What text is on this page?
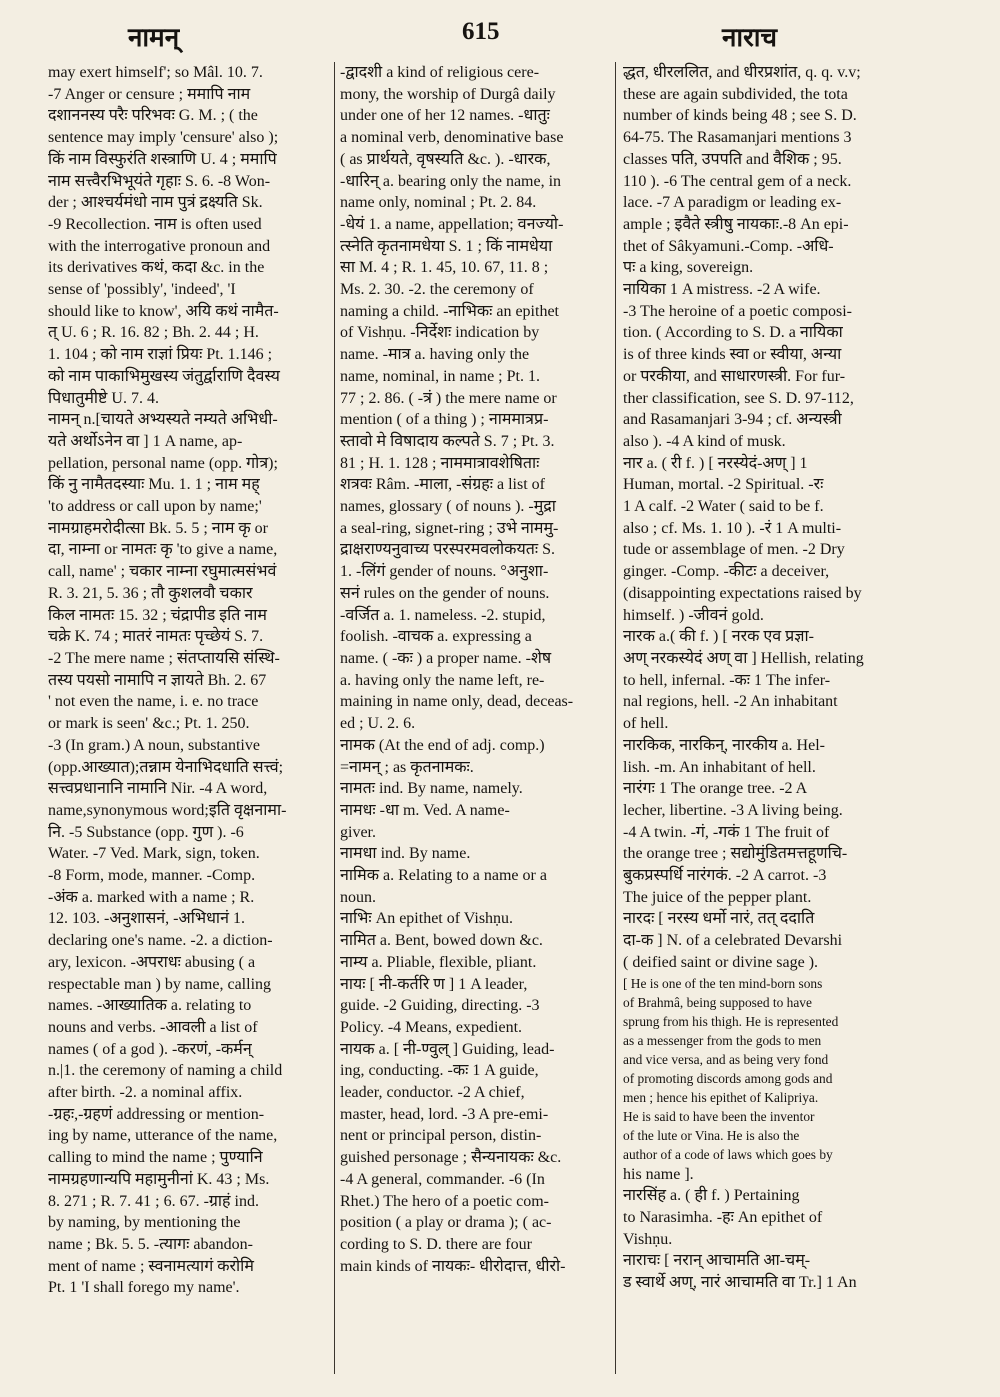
नामन्	615	नाराच
may exert himself'; so Mâl. 10. 7.
-7 Anger or censure ; ममापि नाम
दशाननस्य परैः परिभवः G. M. ; ( the
sentence may imply 'censure' also );
किं नाम विस्फुरंति शस्त्राणि U. 4 ; ममापि
नाम सत्त्वैरभिभूयंते गृहाः S. 6. -8 Won-
der ; आश्चर्यमंधो नाम पुत्रं द्रक्ष्यति Sk.
-9 Recollection. नाम is often used
with the interrogative pronoun and
its derivatives कथं, कदा &c. in the
sense of 'possibly', 'indeed', 'I
should like to know', अयि कथं नामैत-
त् U. 6 ; R. 16. 82 ; Bh. 2. 44 ; H.
1. 104 ; को नाम राज्ञां प्रियः Pt. 1.146 ;
को नाम पाकाभिमुखस्य जंतुर्द्वाराणि दैवस्य
पिधातुमीष्टे U. 7. 4.
नामन् n.[चायते अभ्यस्यते नम्यते अभिधी-
यते अर्थोऽनेन वा ] 1 A name, ap-
pellation, personal name (opp. गोत्र);
किं नु नामैतदस्याः Mu. 1. 1 ; नाम मह्
'to address or call upon by name;'
नामग्राहमरोदीत्सा Bk. 5. 5 ; नाम कृ or
दा, नाम्ना or नामतः कृ 'to give a name,
call, name' ; चकार नाम्ना रघुमात्मसंभवं
R. 3. 21, 5. 36 ; तौ कुशलवौ चकार
किल नामतः 15. 32 ; चंद्रापीड इति नाम
चक्रे K. 74 ; मातरं नामतः पृच्छेयं S. 7.
-2 The mere name ; संतप्तायसि संस्थि-
तस्य पयसो नामापि न ज्ञायते Bh. 2. 67
' not even the name, i. e. no trace
or mark is seen' &c.; Pt. 1. 250.
-3 (In gram.) A noun, substantive
(opp.आख्यात);तन्नाम येनाभिदधाति सत्त्वं;
सत्त्वप्रधानानि नामानि Nir. -4 A word,
name,synonymous word;इति वृक्षनामा-
नि. -5 Substance (opp. गुण ). -6
Water. -7 Ved. Mark, sign, token.
-8 Form, mode, manner. -Comp.
-अंक a. marked with a name ; R.
12. 103. -अनुशासनं, -अभिधानं 1.
declaring one's name. -2. a diction-
ary, lexicon. -अपराधः abusing ( a
respectable man ) by name, calling
names. -आख्यातिक a. relating to
nouns and verbs. -आवली a list of
names ( of a god ). -करणं, -कर्मन्
n.|1. the ceremony of naming a child
after birth. -2. a nominal affix.
-ग्रहः,-ग्रहणं addressing or mention-
ing by name, utterance of the name,
calling to mind the name ; पुण्यानि
नामग्रहणान्यपि महामुनीनां K. 43 ; Ms.
8. 271 ; R. 7. 41 ; 6. 67. -ग्राहं ind.
by naming, by mentioning the
name ; Bk. 5. 5. -त्यागः abandon-
ment of name ; स्वनामत्यागं करोमि
Pt. 1 'I shall forego my name'.
-द्वादशी a kind of religious cere-
mony, the worship of Durgâ daily
under one of her 12 names. -धातुः
a nominal verb, denominative base
( as प्रार्थयते, वृषस्यति &c. ). -धारक,
-धारिन् a. bearing only the name, in
name only, nominal ; Pt. 2. 84.
-धेयं 1. a name, appellation; वनज्यो-
त्स्नेति कृतनामधेया S. 1 ; किं नामधेया
सा M. 4 ; R. 1. 45, 10. 67, 11. 8 ;
Ms. 2. 30. -2. the ceremony of
naming a child. -नाभिकः an epithet
of Vishṇu. -निर्देशः indication by
name. -मात्र a. having only the
name, nominal, in name ; Pt. 1.
77 ; 2. 86. ( -त्रं ) the mere name or
mention ( of a thing ) ; नाममात्रप्र-
स्तावो मे विषादाय कल्पते S. 7 ; Pt. 3.
81 ; H. 1. 128 ; नाममात्रावशेषिताः
शत्रवः Râm. -माला, -संग्रहः a list of
names, glossary ( of nouns ). -मुद्रा
a seal-ring, signet-ring ; उभे नाममु-
द्राक्षराण्यनुवाच्य परस्परमवलोकयतः S.
1. -लिंगं gender of nouns. °अनुशा-
सनं rules on the gender of nouns.
-वर्जित a. 1. nameless. -2. stupid,
foolish. -वाचक a. expressing a
name. ( -कः ) a proper name. -शेष
a. having only the name left, re-
maining in name only, dead, deceas-
ed ; U. 2. 6.
नामक (At the end of adj. comp.)
=नामन् ; as कृतनामकः.
नामतः ind. By name, namely.
नामधः -धा m. Ved. A name-
giver.
नामधा ind. By name.
नामिक a. Relating to a name or a
noun.
नाभिः An epithet of Vishṇu.
नामित a. Bent, bowed down &c.
नाम्य a. Pliable, flexible, pliant.
नायः [ नी-कर्तरि ण ] 1 A leader,
guide. -2 Guiding, directing. -3
Policy. -4 Means, expedient.
नायक a. [ नी-ण्वुल् ] Guiding, lead-
ing, conducting. -कः 1 A guide,
leader, conductor. -2 A chief,
master, head, lord. -3 A pre-emi-
nent or principal person, distin-
guished personage ; सैन्यनायकः &c.
-4 A general, commander. -6 (In
Rhet.) The hero of a poetic com-
position ( a play or drama ); ( ac-
cording to S. D. there are four
main kinds of नायकः- धीरोदात्त, धीरो-
द्धत, धीरललित, and धीरप्रशांत, q. q. v.v;
these are again subdivided, the tota
number of kinds being 48 ; see S. D.
64-75. The Rasamanjari mentions 3
classes पति, उपपति and वैशिक ; 95.
110 ). -6 The central gem of a neck.
lace. -7 A paradigm or leading ex-
ample ; इवैते स्त्रीषु नायकाः.-8 An epi-
thet of Sâkyamuni.-Comp. -अधि-
पः a king, sovereign.
नायिका 1 A mistress. -2 A wife.
-3 The heroine of a poetic composi-
tion. ( According to S. D. a नायिका
is of three kinds स्वा or स्वीया, अन्या
or परकीया, and साधारणस्त्री. For fur-
ther classification, see S. D. 97-112,
and Rasamanjari 3-94 ; cf. अन्यस्त्री
also ). -4 A kind of musk.
नार a. ( री f. ) [ नरस्येदं-अण् ] 1
Human, mortal. -2 Spiritual. -रः
1 A calf. -2 Water ( said to be f.
also ; cf. Ms. 1. 10 ). -रं 1 A multi-
tude or assemblage of men. -2 Dry
ginger. -Comp. -कीटः a deceiver,
(disappointing expectations raised by
himself. ) -जीवनं gold.
नारक a.( की f. ) [ नरक एव प्रज्ञा-
अण् नरकस्येदं अण् वा ] Hellish, relating
to hell, infernal. -कः 1 The infer-
nal regions, hell. -2 An inhabitant
of hell.
नारकिक, नारकिन्, नारकीय a. Hel-
lish. -m. An inhabitant of hell.
नारंगः 1 The orange tree. -2 A
lecher, libertine. -3 A living being.
-4 A twin. -गं, -गकं 1 The fruit of
the orange tree ; सद्योमुंडितमत्तहूणचि-
बुकप्रस्पर्धि नारंगकं. -2 A carrot. -3
The juice of the pepper plant.
नारदः [ नरस्य धर्मो नारं, तत् ददाति
दा-क ] N. of a celebrated Devarshi
( deified saint or divine sage ).
[ He is one of the ten mind-born sons
of Brahmâ, being supposed to have
sprung from his thigh. He is represented
as a messenger from the gods to men
and vice versa, and as being very fond
of promoting discords among gods and
men ; hence his epithet of Kalipriya.
He is said to have been the inventor
of the lute or Vina. He is also the
author of a code of laws which goes by
his name ].
नारसिंह a. ( ही f. ) Pertaining
to Narasimha. -हः An epithet of
Vishṇu.
नाराचः [ नरान् आचामति आ-चम्-
ड स्वार्थे अण्, नारं आचामति वा Tr.] 1 An
